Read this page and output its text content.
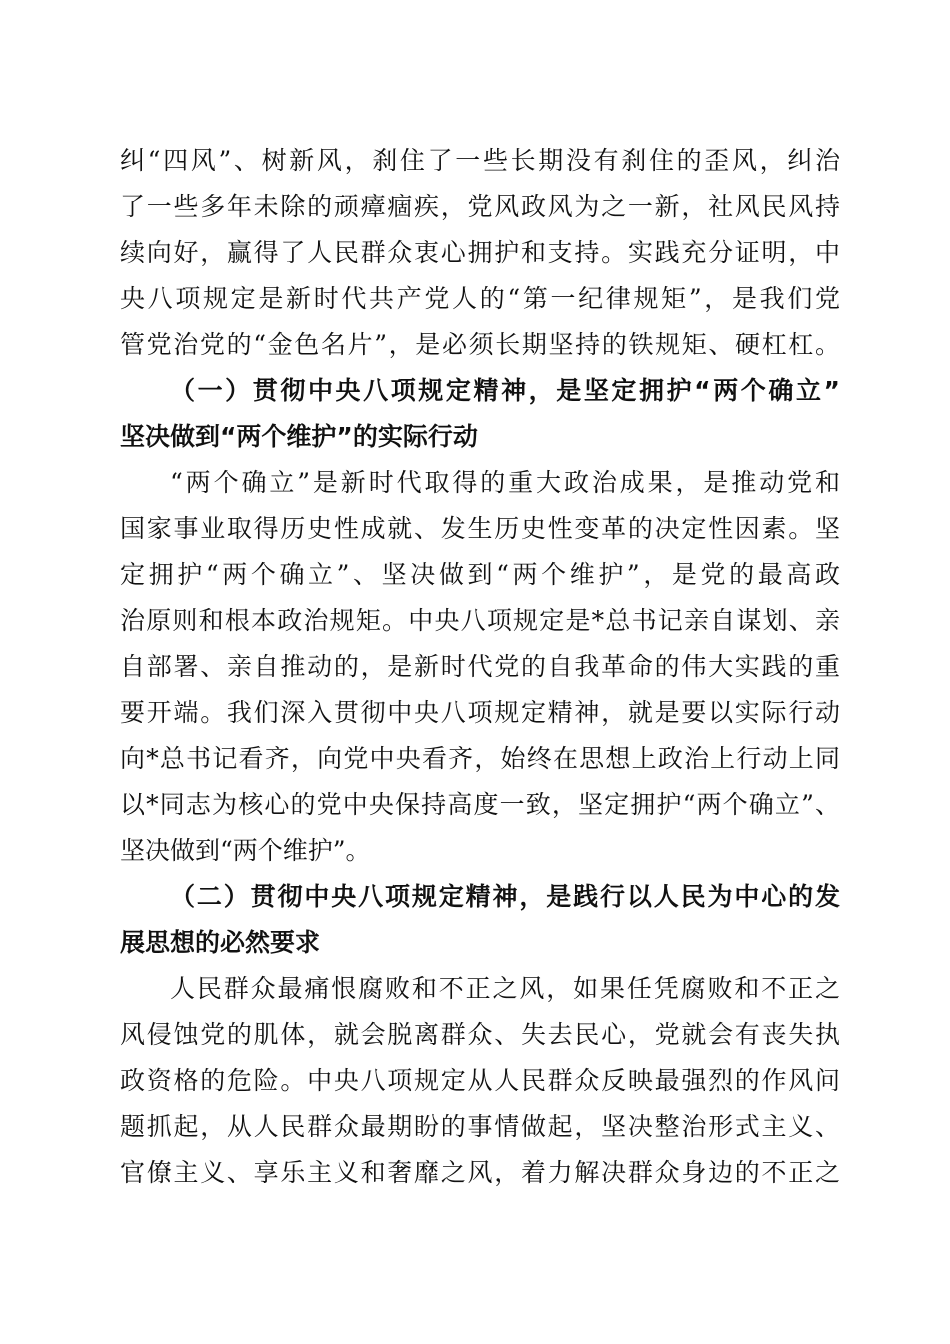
纠“四风”、树新风，刹住了一些长期没有刹住的歪风，纠治
了一些多年未除的顽瘴痼疾，党风政风为之一新，社风民风持
续向好，赢得了人民群众衷心拥护和支持。实践充分证明，中
央八项规定是新时代共产党人的“第一纪律规矩”，是我们党
管党治党的“金色名片”，是必须长期坚持的铁规矩、硬杠杠。
（一）贯彻中央八项规定精神，是坚定拥护“两个确立”
坚决做到“两个维护”的实际行动
“两个确立”是新时代取得的重大政治成果，是推动党和
国家事业取得历史性成就、发生历史性变革的决定性因素。坚
定拥护“两个确立”、坚决做到“两个维护”，是党的最高政
治原则和根本政治规矩。中央八项规定是*总书记亲自谋划、亲
自部署、亲自推动的，是新时代党的自我革命的伟大实践的重
要开端。我们深入贯彻中央八项规定精神，就是要以实际行动
向*总书记看齐，向党中央看齐，始终在思想上政治上行动上同
以*同志为核心的党中央保持高度一致，坚定拥护“两个确立”、
坚决做到“两个维护”。
（二）贯彻中央八项规定精神，是践行以人民为中心的发
展思想的必然要求
人民群众最痛恨腐败和不正之风，如果任凭腐败和不正之
风侵蚀党的肌体，就会脱离群众、失去民心，党就会有丧失执
政资格的危险。中央八项规定从人民群众反映最强烈的作风问
题抓起，从人民群众最期盼的事情做起，坚决整治形式主义、
官僚主义、享乐主义和奢靡之风，着力解决群众身边的不正之
